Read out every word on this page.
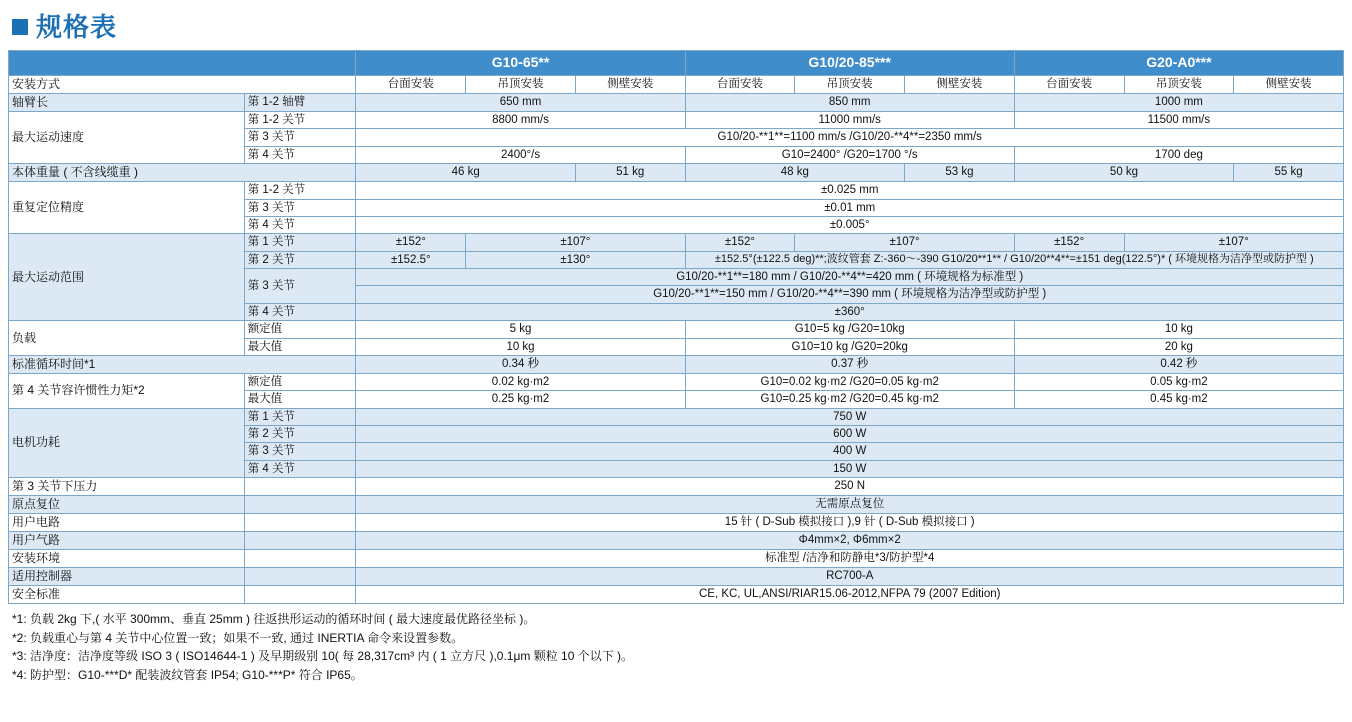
规格表
		G10-65**			G10/20-85***			G20-A0***		
安装方式		台面安装	吊顶安装	侧壁安装	台面安装	吊顶安装	侧壁安装	台面安装	吊顶安装	侧壁安装
轴臂长	第 1-2 轴臂	650 mm			850 mm			1000 mm		
最大运动速度	第 1-2 关节	8800 mm/s			11000 mm/s			11500 mm/s		
	第 3 关节	G10/20-**1**=1100 mm/s /G10/20-**4**=2350 mm/s								
	第 4 关节	2400°/s			G10=2400° /G20=1700 °/s			1700 deg		
本体重量 ( 不含线缆重 )		46 kg		51 kg	48 kg		53 kg	50 kg		55 kg
重复定位精度	第 1-2 关节	±0.025 mm								
	第 3 关节	±0.01 mm								
	第 4 关节	±0.005°								
最大运动范围	第 1 关节	±152°	±107°		±152°	±107°		±152°	±107°	
	第 2 关节	±152.5°	±130°		±152.5°(±122.5 deg)**;波纹管套 Z:-360～-390 G10/20**1** / G10/20**4**=±151 deg(122.5°)* ( 环境规格为洁净型或防护型 )					
	第 3 关节	G10/20-**1**=180 mm / G10/20-**4**=420 mm ( 环境规格为标准型 )								
		G10/20-**1**=150 mm / G10/20-**4**=390 mm ( 环境规格为洁净型或防护型 )								
	第 4 关节	±360°								
负载	额定值	5 kg			G10=5 kg /G20=10kg			10 kg		
	最大值	10 kg			G10=10 kg /G20=20kg			20 kg		
标准循环时间*1		0.34 秒			0.37 秒			0.42 秒		
第 4 关节容许惯性力矩*2	额定值	0.02 kg·m2			G10=0.02 kg·m2 /G20=0.05 kg·m2			0.05 kg·m2		
	最大值	0.25 kg·m2			G10=0.25 kg·m2 /G20=0.45 kg·m2			0.45 kg·m2		
电机功耗	第 1 关节	750 W								
	第 2 关节	600 W								
	第 3 关节	400 W								
	第 4 关节	150 W								
第 3 关节下压力		250 N								
原点复位		无需原点复位								
用户电路		15 针 ( D-Sub 模拟接口 ),9 针 ( D-Sub 模拟接口 )								
用户气路		Φ4mm×2, Φ6mm×2								
安装环境		标准型 /洁净和防静电*3/防护型*4								
适用控制器		RC700-A								
安全标准		CE, KC, UL,ANSI/RIAR15.06-2012,NFPA 79 (2007 Edition)								
*1: 负载 2kg 下,( 水平 300mm、垂直 25mm ) 往返拱形运动的循环时间 ( 最大速度最优路径坐标 )。
*2: 负载重心与第 4 关节中心位置一致；如果不一致, 通过 INERTIA 命令来设置参数。
*3: 洁净度：洁净度等级 ISO 3 ( ISO14644-1 ) 及早期级别 10( 每 28,317cm³ 内 ( 1 立方尺 ),0.1μm 颗粒 10 个以下 )。
*4: 防护型：G10-***D* 配装波纹管套 IP54; G10-***P* 符合 IP65。
